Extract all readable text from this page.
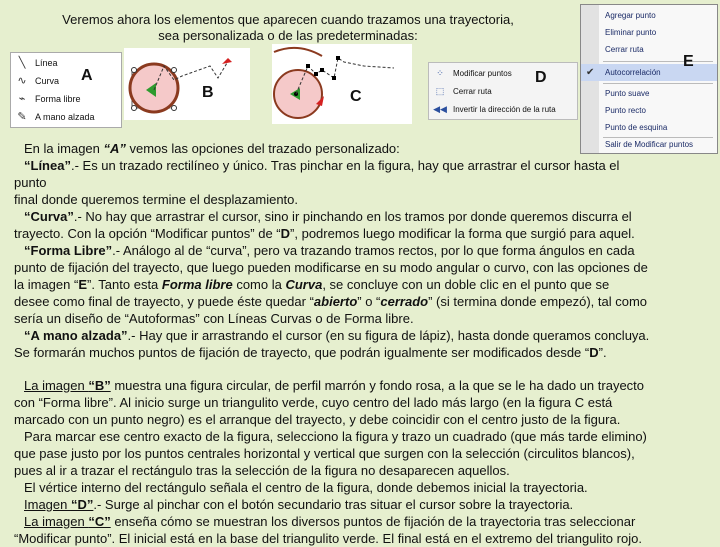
Veremos ahora los elementos que aparecen cuando trazamos una trayectoria,
sea personalizada o de las predeterminadas:
╲	Línea
∿ Curva
⌁	Forma libre
✎ A mano alzada
A
B	C
⁘	Modificar puntos
⬚	Cerrar ruta
◀◀ Invertir la dirección de la ruta
D
Agregar punto
Eliminar punto
Cerrar ruta
✔ Autocorrelación
Punto suave
Punto recto
Punto de esquina
Salir de Modificar puntos
E

En la imagen “A” vemos las opciones del trazado personalizado:

“Línea”.- Es un trazado rectilíneo y único. Tras pinchar en la figura, hay que arrastrar el cursor hasta el

punto

final donde queremos termine el desplazamiento.

“Curva”.- No hay que arrastrar el cursor, sino ir pinchando en los tramos por donde queremos discurra el

trayecto. Con la opción “Modificar puntos” de “D”, podremos luego modificar la forma que surgió para aquel.

“Forma Libre”.- Análogo al de “curva”, pero va trazando tramos rectos, por lo que forma ángulos en cada

punto de fijación del trayecto, que luego pueden modificarse en su modo angular o curvo, con las opciones de

la imagen “E”. Tanto esta Forma libre como la Curva, se concluye con un doble clic en el punto que se

desee como final de trayecto, y puede éste quedar “abierto” o “cerrado” (si termina donde empezó), tal como

sería un diseño de “Autoformas” con Líneas Curvas o de Forma libre.

“A mano alzada”.- Hay que ir arrastrando el cursor (en su figura de lápiz), hasta donde queramos concluya.

Se formarán muchos puntos de fijación de trayecto, que podrán igualmente ser modificados desde “D”.

La imagen “B” muestra una figura circular, de perfil marrón y fondo rosa, a la que se le ha dado un trayecto

con “Forma libre”. Al inicio surge un triangulito verde, cuyo centro del lado más largo (en la figura C está

marcado con un punto negro) es el arranque del trayecto, y debe coincidir con el centro justo de la figura.

Para marcar ese centro exacto de la figura, selecciono la figura y trazo un cuadrado (que más tarde elimino)

que pase justo por los puntos centrales horizontal y vertical que surgen con la selección (circulitos blancos),

pues al ir a trazar el rectángulo tras la selección de la figura no desaparecen aquellos.

El vértice interno del rectángulo señala el centro de la figura, donde debemos inicial la trayectoria.

Imagen “D”.- Surge al pinchar con el botón secundario tras situar el cursor sobre la trayectoria.

La imagen “C” enseña cómo se muestran los diversos puntos de fijación de la trayectoria tras seleccionar

“Modificar punto”. El inicial está en la base del triangulito verde. El final está en el extremo del triangulito rojo.
